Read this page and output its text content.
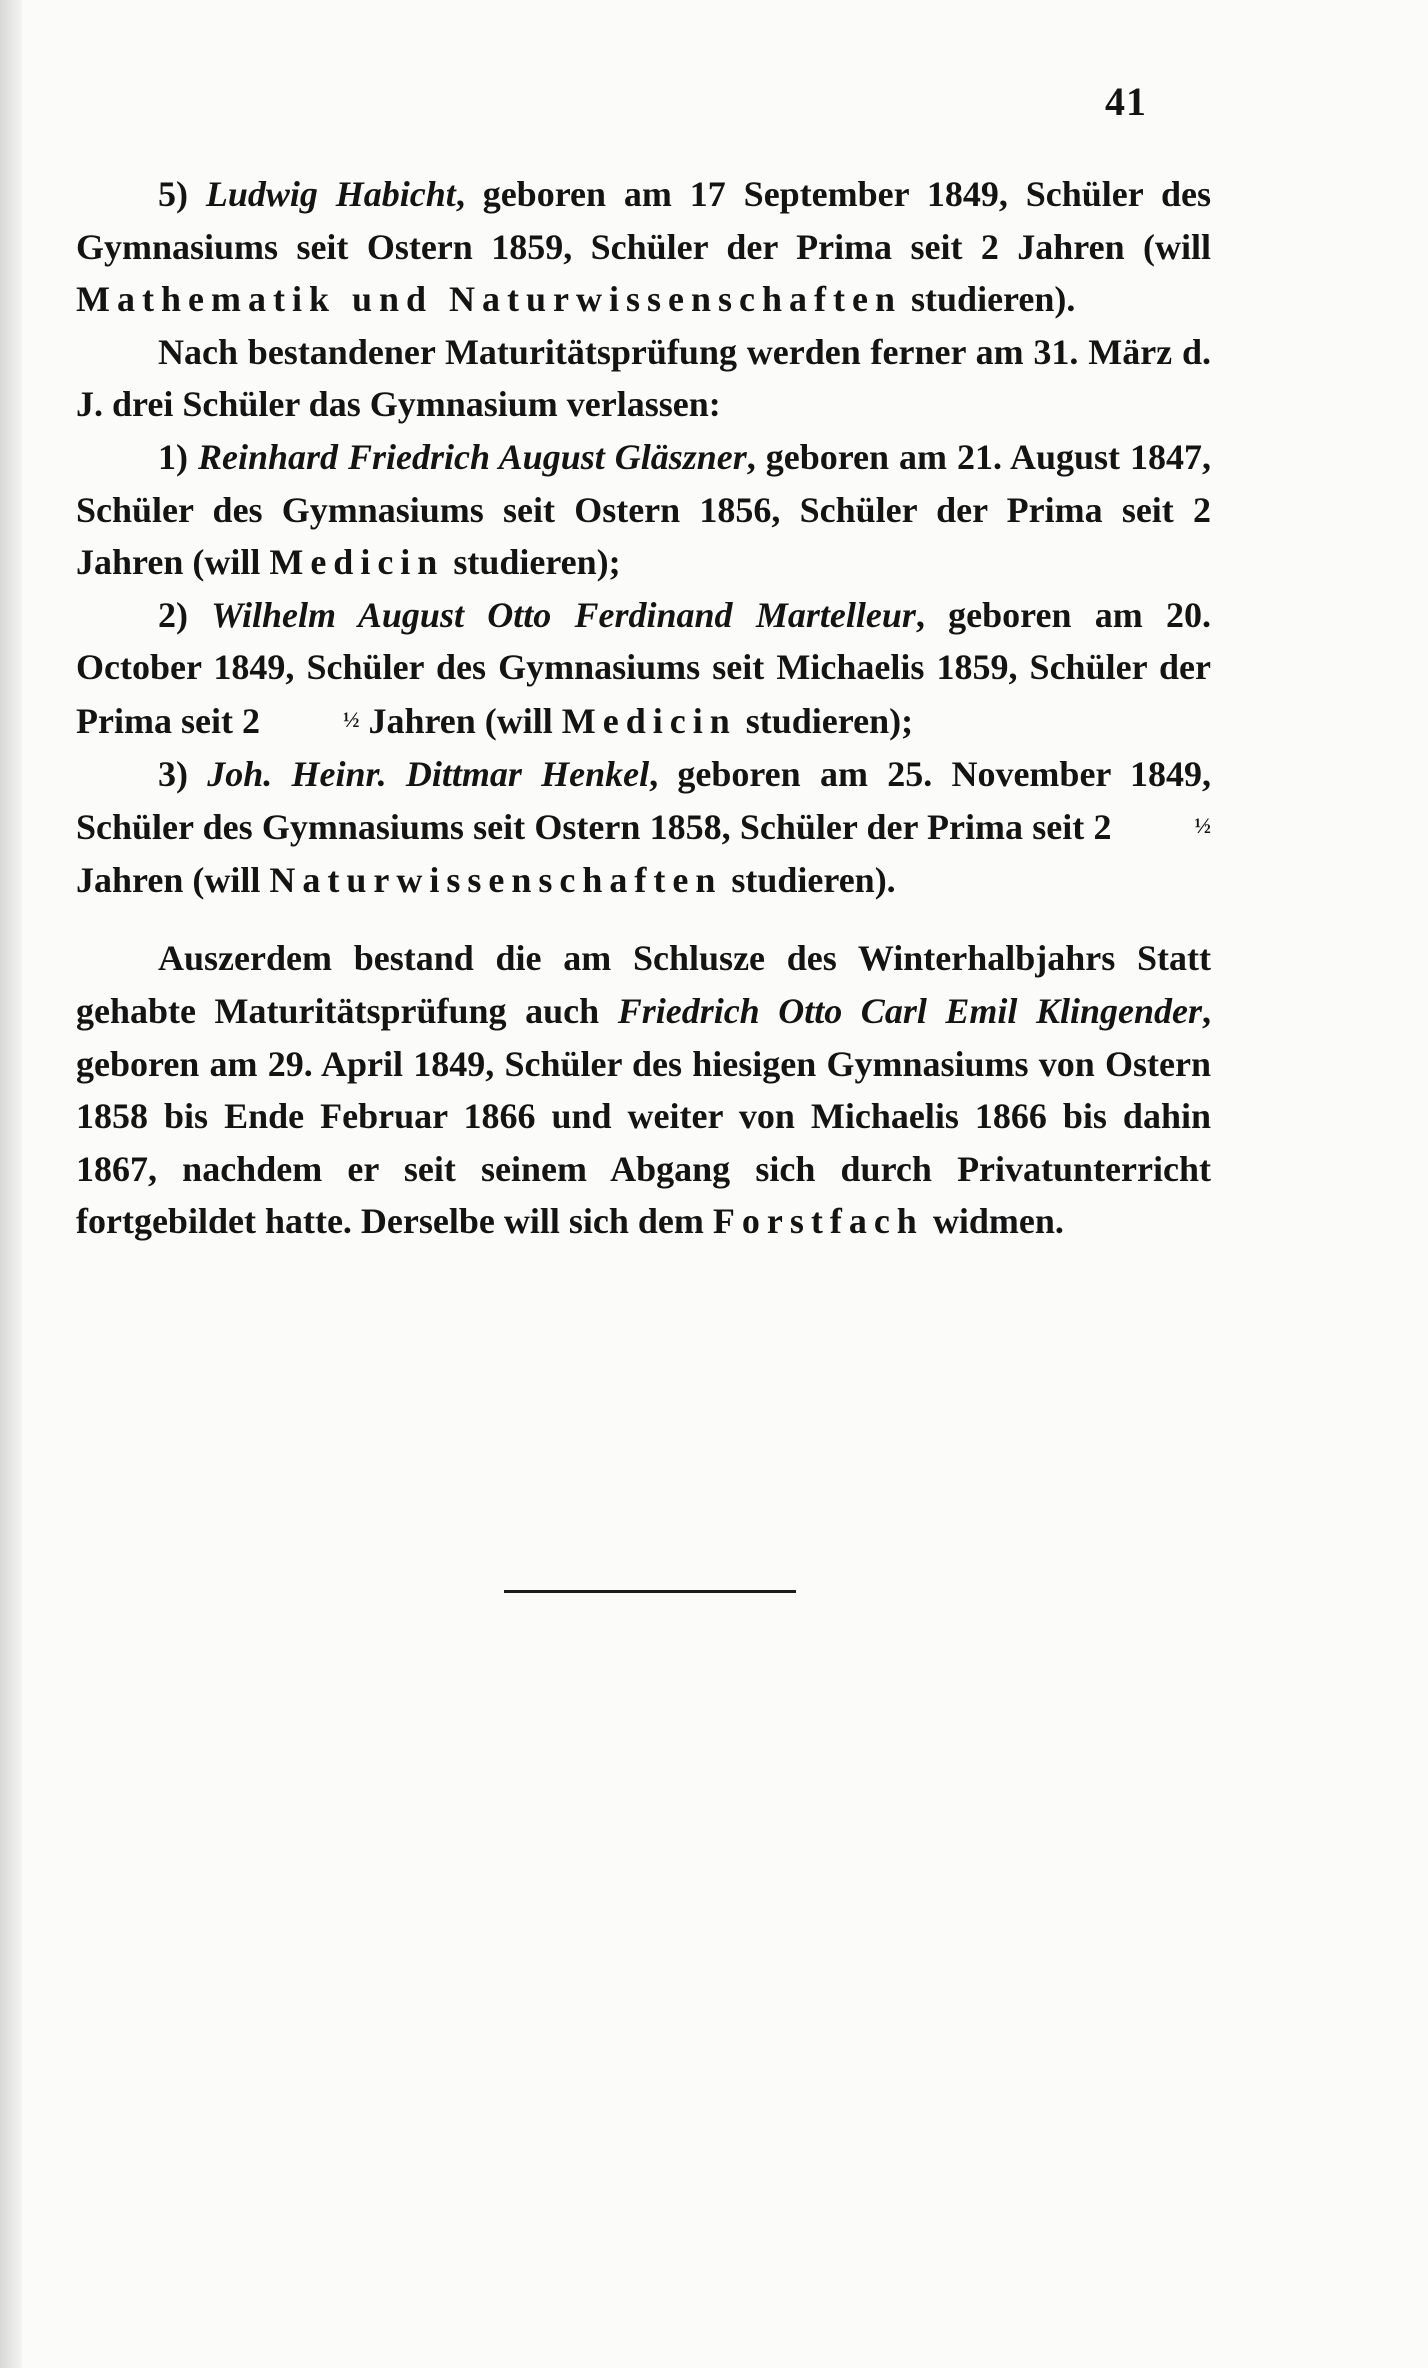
41

5) Ludwig Habicht, geboren am 17 September 1849, Schüler des Gymnasiums seit Ostern 1859, Schüler der Prima seit 2 Jahren (will Mathematik und Naturwissenschaften studieren).

Nach bestandener Maturitätsprüfung werden ferner am 31. März d. J. drei Schüler das Gymnasium verlassen:

1) Reinhard Friedrich August Gläszner, geboren am 21. August 1847, Schüler des Gymnasiums seit Ostern 1856, Schüler der Prima seit 2 Jahren (will Medicin studieren);

2) Wilhelm August Otto Ferdinand Martelleur, geboren am 20. October 1849, Schüler des Gymnasiums seit Michaelis 1859, Schüler der Prima seit 2	½ Jahren (will Medicin studieren);

3) Joh. Heinr. Dittmar Henkel, geboren am 25. November 1849, Schüler des Gymnasiums seit Ostern 1858, Schüler der Prima seit 2	½ Jahren (will Naturwissenschaften studieren).

Auszerdem bestand die am Schlusze des Winterhalbjahrs Statt gehabte Maturitätsprüfung auch Friedrich Otto Carl Emil Klingender, geboren am 29. April 1849, Schüler des hiesigen Gymnasiums von Ostern 1858 bis Ende Februar 1866 und weiter von Michaelis 1866 bis dahin 1867, nachdem er seit seinem Abgang sich durch Privatunterricht fortgebildet hatte. Derselbe will sich dem Forstfach widmen.
